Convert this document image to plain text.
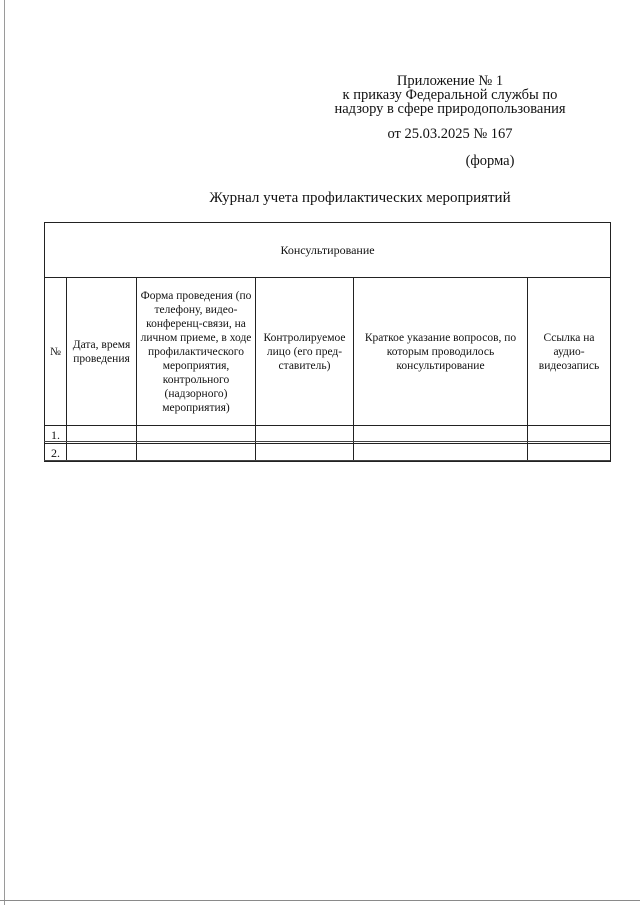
Приложение № 1
к приказу Федеральной службы по
надзору в сфере природопользования
от 25.03.2025 № 167
(форма)
Журнал учета профилактических мероприятий
Консультирование					
№	Дата, время проведения	Форма проведения (по телефону, видео-конференц-связи, на личном приеме, в ходе профилактического мероприятия, контрольного (надзорного) мероприятия)	Контролируемое лицо (его пред-ставитель)	Краткое указание вопросов, по которым проводилось консультирование	Ссылка на аудио-видеозапись
1.					
2.					
